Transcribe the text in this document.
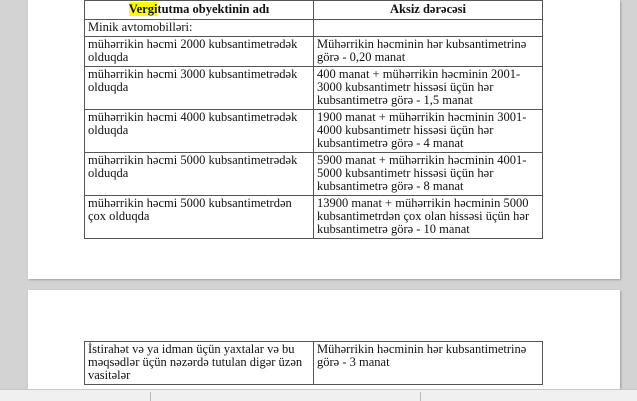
Vergitutma obyektinin adı	Aksiz dərəcəsi
Minik avtomobilləri:	
mühərrikin həcmi 2000 kubsantimetrədək olduqda	Mühərrikin həcminin hər kubsantimetrinə görə - 0,20 manat
mühərrikin həcmi 3000 kubsantimetrədək olduqda	400 manat + mühərrikin həcminin 2001-3000 kubsantimetr hissəsi üçün hər kubsantimetrə görə - 1,5 manat
mühərrikin həcmi 4000 kubsantimetrədək olduqda	1900 manat + mühərrikin həcminin 3001-4000 kubsantimetr hissəsi üçün hər kubsantimetrə görə - 4 manat
mühərrikin həcmi 5000 kubsantimetrədək olduqda	5900 manat + mühərrikin həcminin 4001-5000 kubsantimetr hissəsi üçün hər kubsantimetrə görə - 8 manat
mühərrikin həcmi 5000 kubsantimetrdən çox olduqda	13900 manat + mühərrikin həcminin 5000 kubsantimetrdən çox olan hissəsi üçün hər kubsantimetrə görə - 10 manat
İstirahət və ya idman üçün yaxtalar və bu məqsədlər üçün nəzərdə tutulan digər üzən vasitələr	Mühərrikin həcminin hər kubsantimetrinə görə - 3 manat
